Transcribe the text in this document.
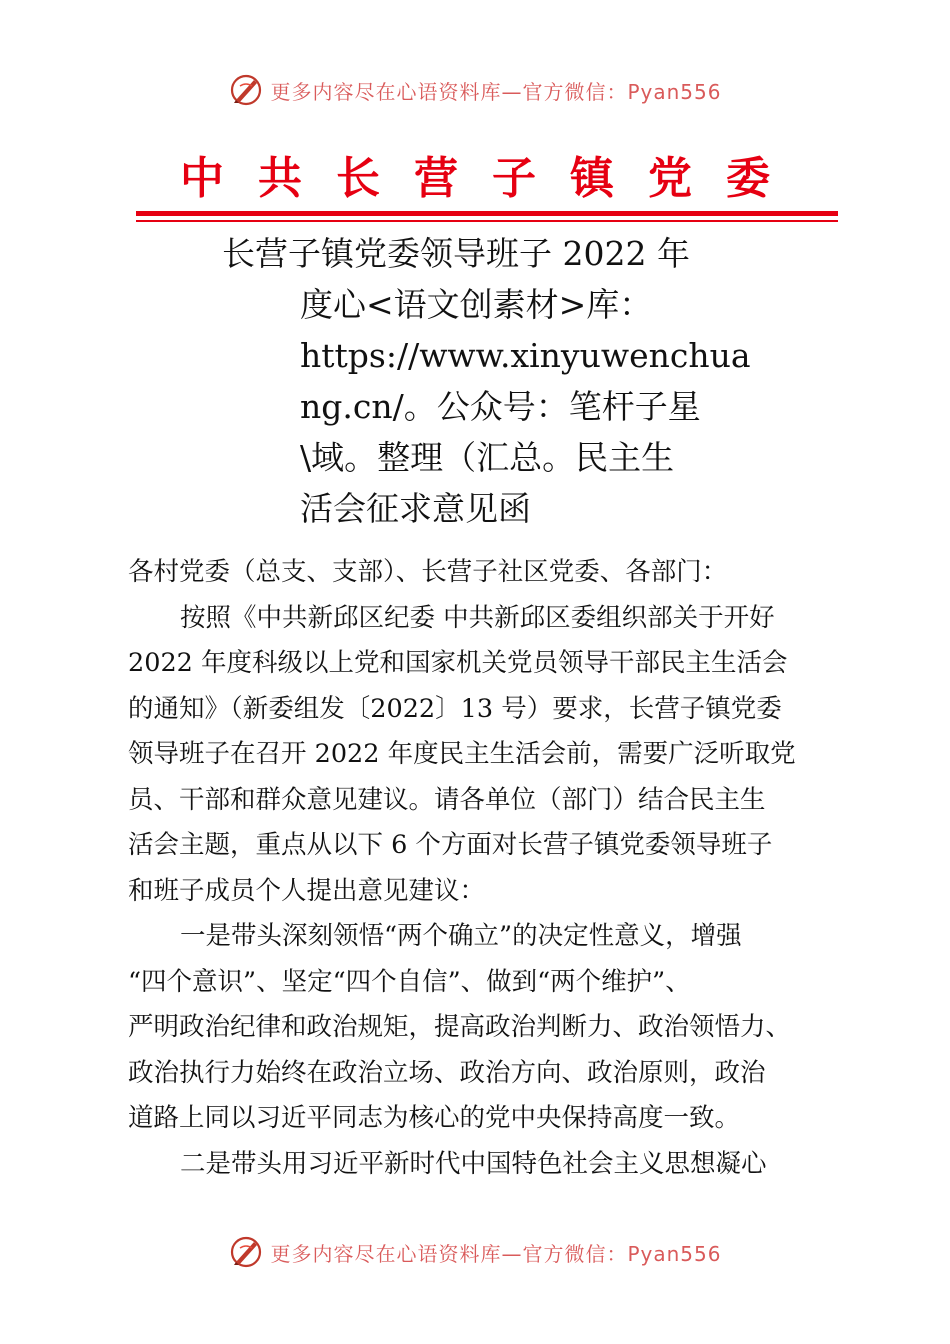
更多内容尽在心语资料库—官方微信：Pyan556
中共长营子镇党委
长营子镇党委领导班子 2022 年
度心<语文创素材>库：
https://www.xinyuwenchua
ng.cn/。公众号：笔杆子星
\域。整理（汇总。民主生
活会征求意见函
各村党委（总支、支部）、长营子社区党委、各部门：
按照《中共新邱区纪委 中共新邱区委组织部关于开好
2022 年度科级以上党和国家机关党员领导干部民主生活会
的通知》（新委组发〔2022〕13 号）要求，长营子镇党委
领导班子在召开 2022 年度民主生活会前，需要广泛听取党
员、干部和群众意见建议。请各单位（部门）结合民主生
活会主题，重点从以下 6 个方面对长营子镇党委领导班子
和班子成员个人提出意见建议：
一是带头深刻领悟“两个确立”的决定性意义，增强
“四个意识”、坚定“四个自信”、做到“两个维护”、
严明政治纪律和政治规矩，提高政治判断力、政治领悟力、
政治执行力始终在政治立场、政治方向、政治原则，政治
道路上同以习近平同志为核心的党中央保持高度一致。
二是带头用习近平新时代中国特色社会主义思想凝心
更多内容尽在心语资料库—官方微信：Pyan556
